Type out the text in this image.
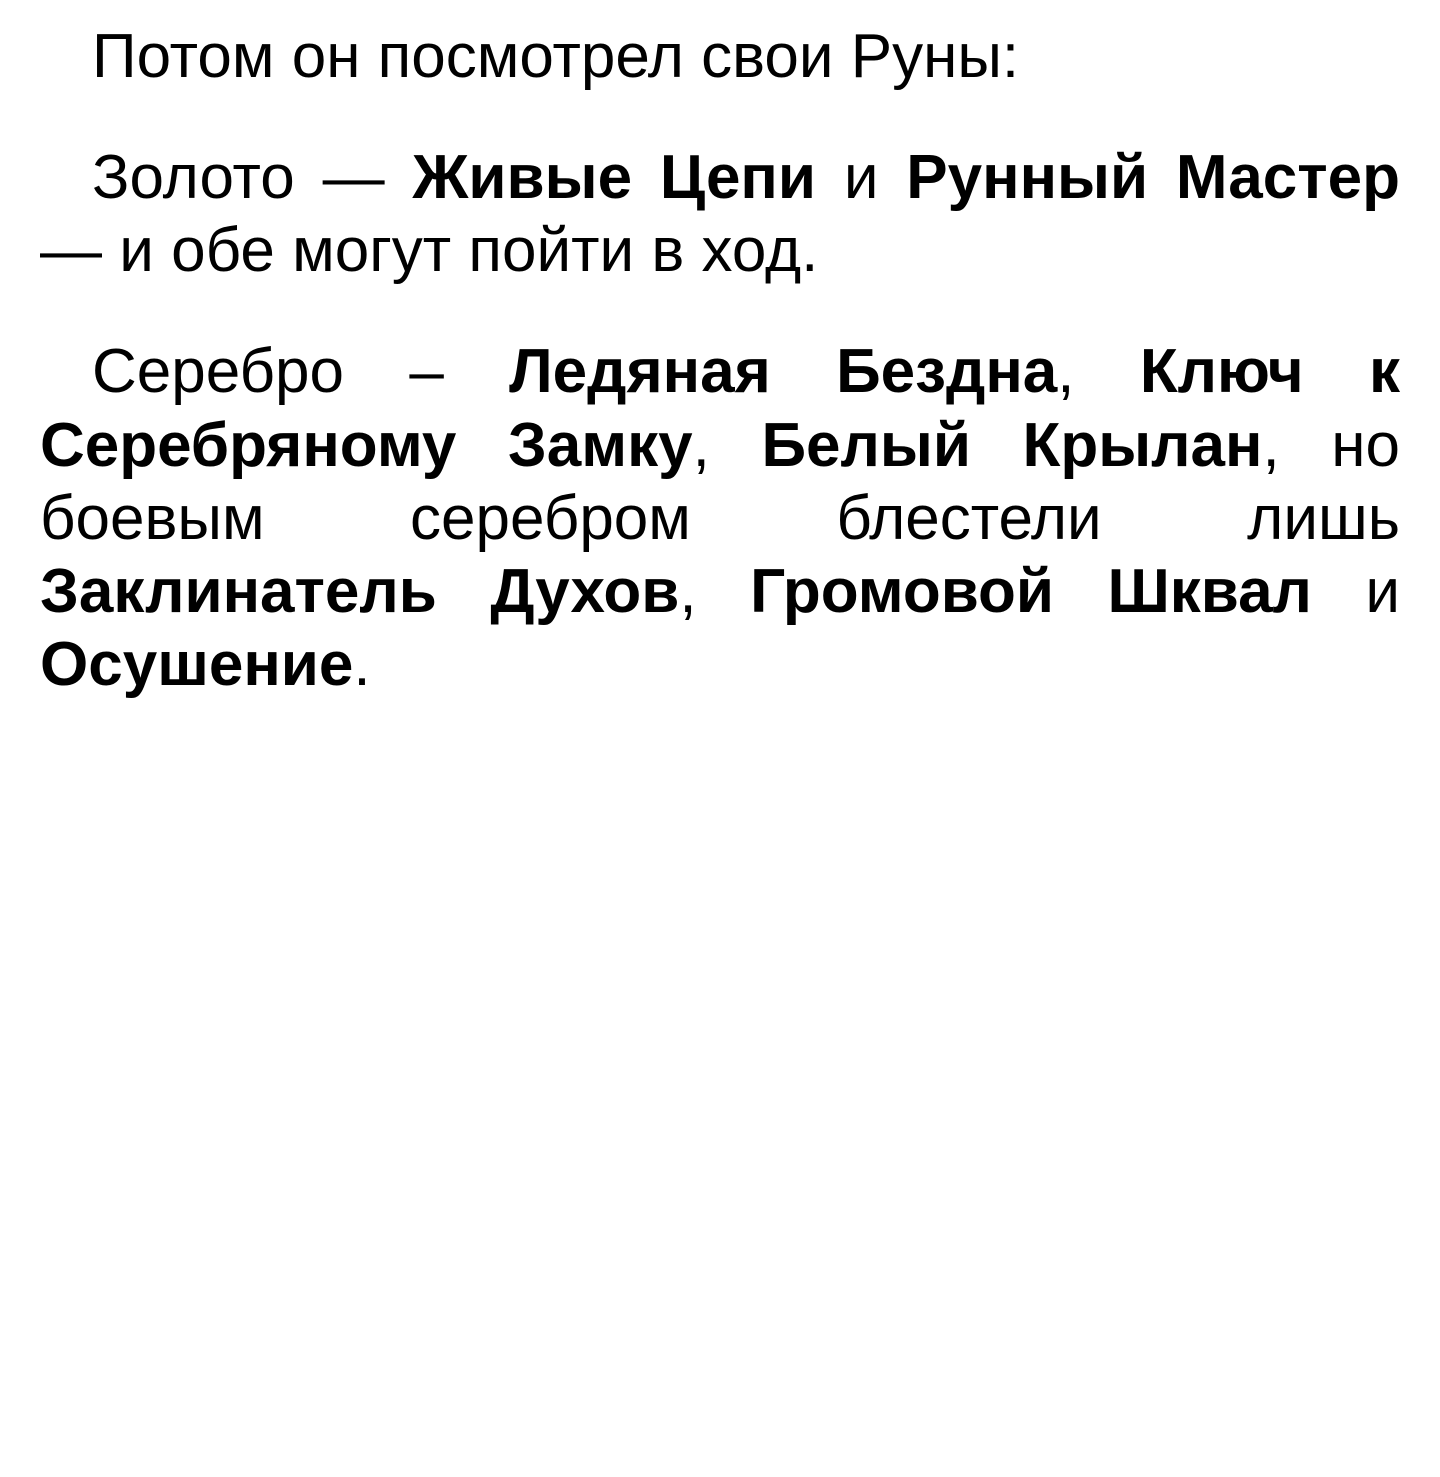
Потом он посмотрел свои Руны:

Золото — Живые Цепи и Рунный Мастер — и обе могут пойти в ход.

Серебро – Ледяная Бездна, Ключ к Серебряному Замку, Белый Крылан, но боевым серебром блестели лишь Заклинатель Духов, Громовой Шквал и Осушение.
